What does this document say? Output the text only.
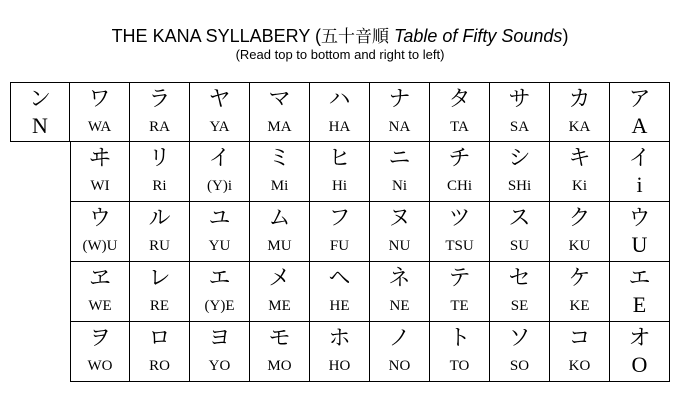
THE KANA SYLLABERY (五十音順 Table of Fifty Sounds)
(Read top to bottom and right to left)
ン
N
ワ
WA
ヰ
WI
ウ
(W)U
ヱ
WE
ヲ
WO
ラ
RA
リ
Ri
ル
RU
レ
RE
ロ
RO
ヤ
YA
イ
(Y)i
ユ
YU
エ
(Y)E
ヨ
YO
マ
MA
ミ
Mi
ム
MU
メ
ME
モ
MO
ハ
HA
ヒ
Hi
フ
FU
ヘ
HE
ホ
HO
ナ
NA
ニ
Ni
ヌ
NU
ネ
NE
ノ
NO
タ
TA
チ
CHi
ツ
TSU
テ
TE
ト
TO
サ
SA
シ
SHi
ス
SU
セ
SE
ソ
SO
カ
KA
キ
Ki
ク
KU
ケ
KE
コ
KO
ア
A
イ
i
ウ
U
エ
E
オ
O
